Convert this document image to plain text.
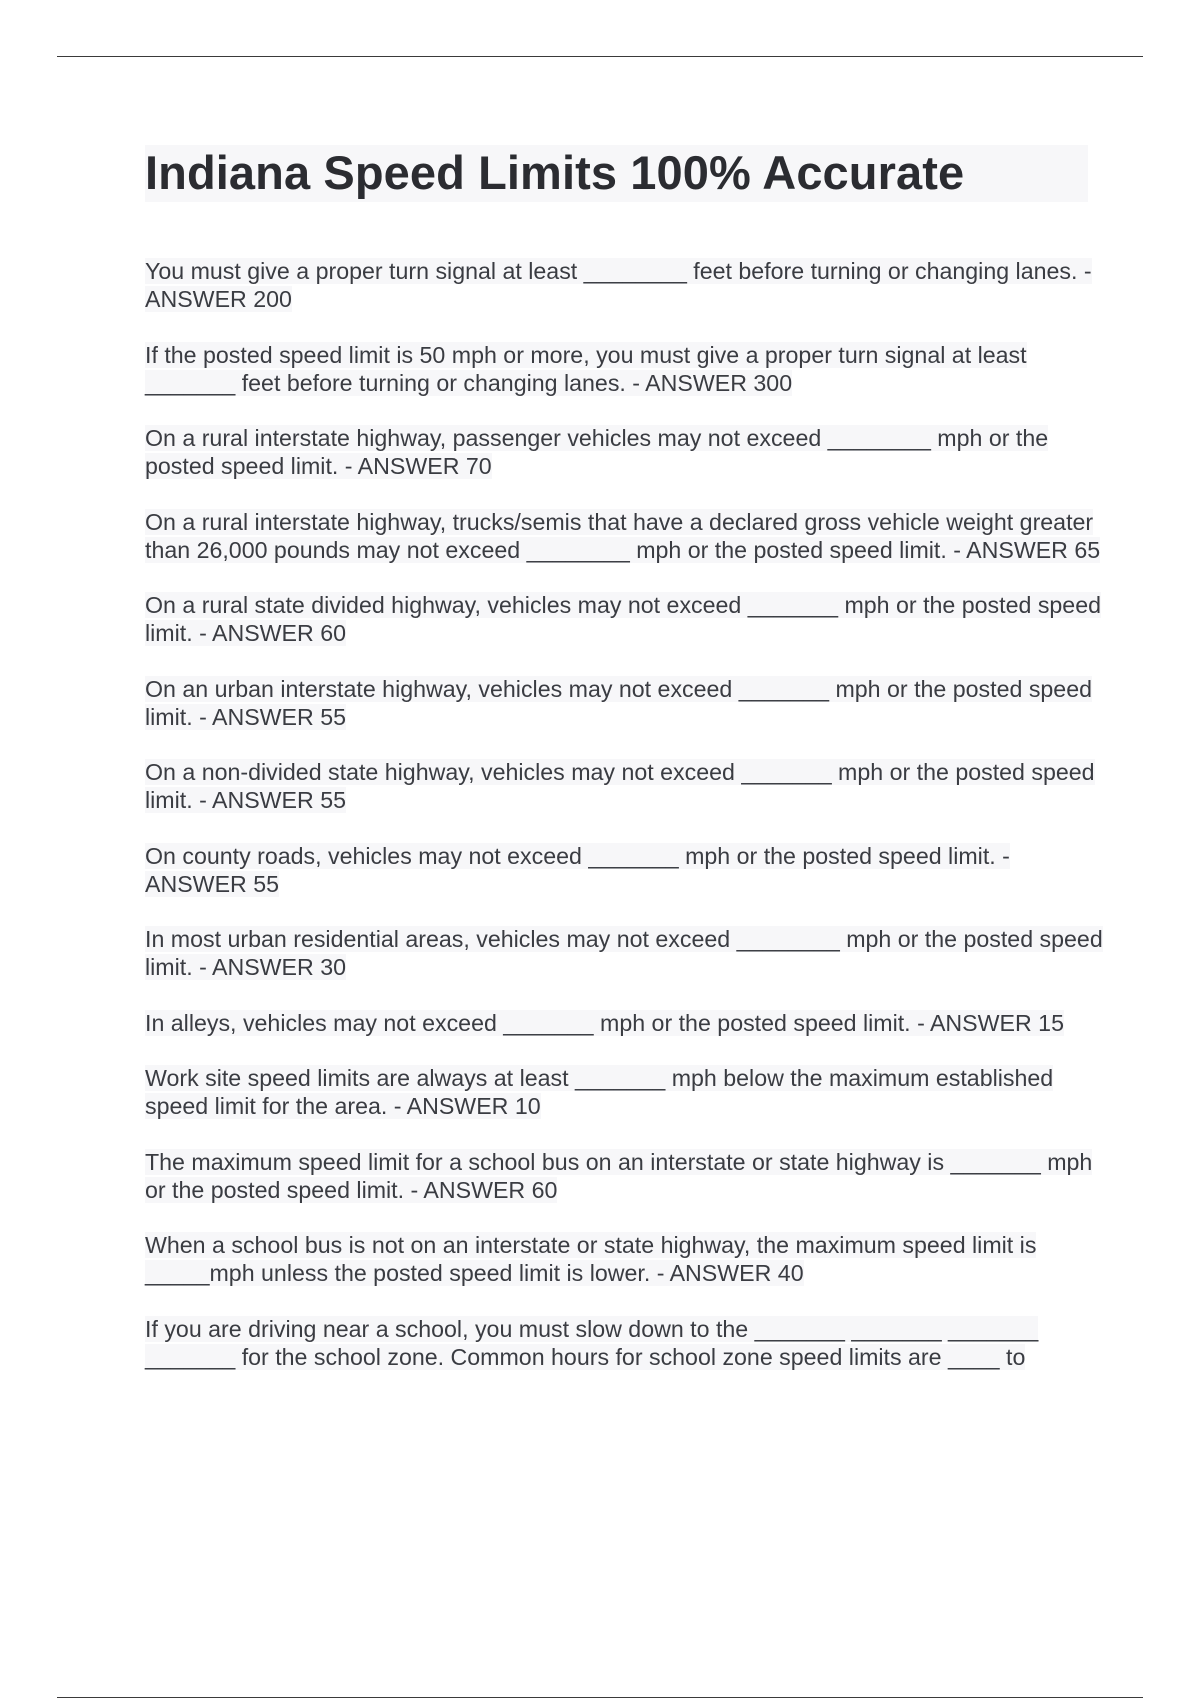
Indiana Speed Limits 100% Accurate

You must give a proper turn signal at least ________ feet before turning or changing lanes. - ANSWER 200

If the posted speed limit is 50 mph or more, you must give a proper turn signal at least _______ feet before turning or changing lanes. - ANSWER 300

On a rural interstate highway, passenger vehicles may not exceed ________ mph or the posted speed limit. - ANSWER 70

On a rural interstate highway, trucks/semis that have a declared gross vehicle weight greater than 26,000 pounds may not exceed ________ mph or the posted speed limit. - ANSWER 65

On a rural state divided highway, vehicles may not exceed _______ mph or the posted speed limit. - ANSWER 60

On an urban interstate highway, vehicles may not exceed _______ mph or the posted speed limit. - ANSWER 55

On a non-divided state highway, vehicles may not exceed _______ mph or the posted speed limit. - ANSWER 55

On county roads, vehicles may not exceed _______ mph or the posted speed limit. - ANSWER 55

In most urban residential areas, vehicles may not exceed ________ mph or the posted speed limit. - ANSWER 30

In alleys, vehicles may not exceed _______ mph or the posted speed limit. - ANSWER 15

Work site speed limits are always at least _______ mph below the maximum established speed limit for the area. - ANSWER 10

The maximum speed limit for a school bus on an interstate or state highway is _______ mph or the posted speed limit. - ANSWER 60

When a school bus is not on an interstate or state highway, the maximum speed limit is _____mph unless the posted speed limit is lower. - ANSWER 40

If you are driving near a school, you must slow down to the _______ _______ _______ _______ for the school zone. Common hours for school zone speed limits are ____ to
